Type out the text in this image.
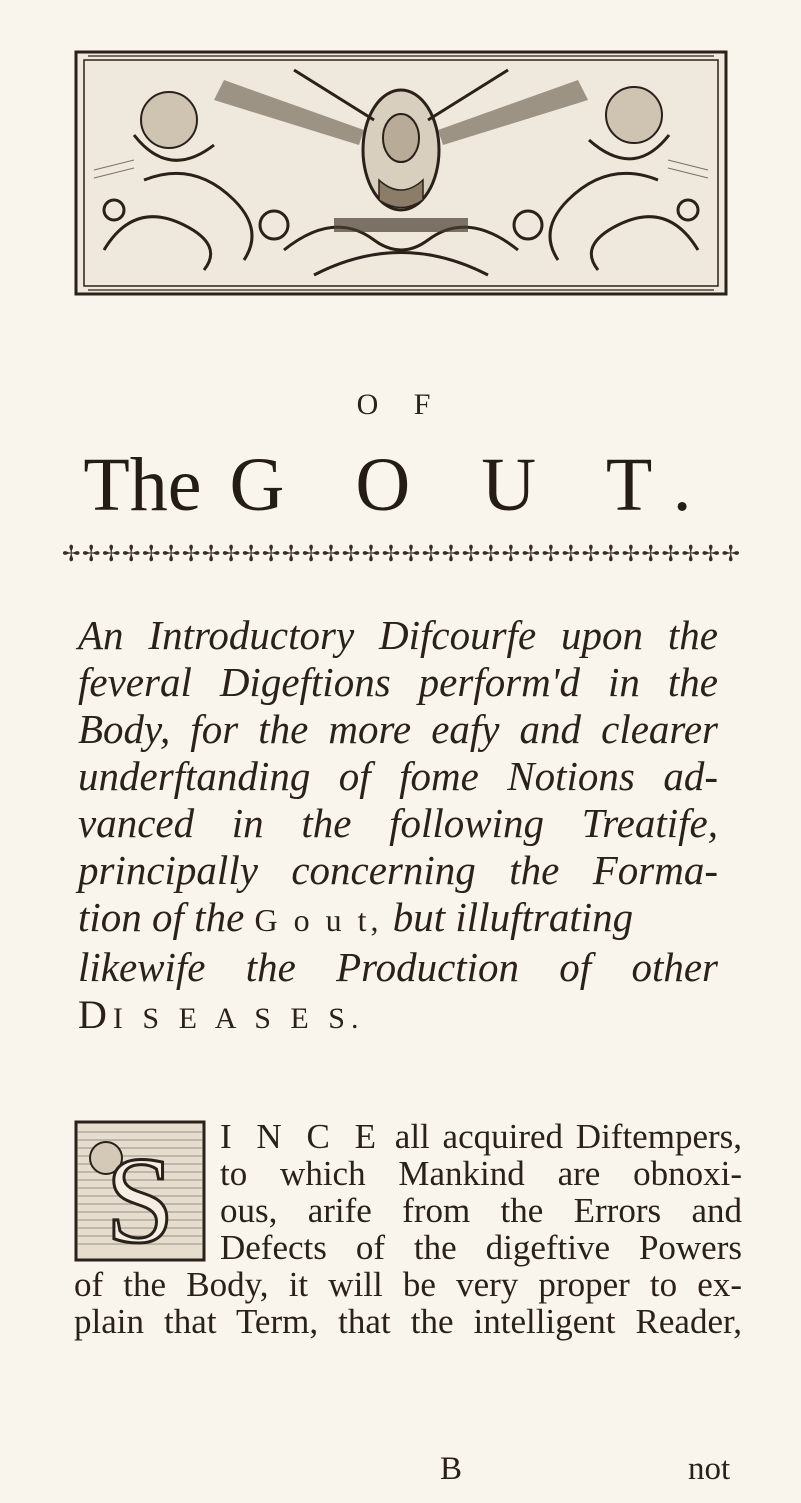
O F
The G O U T.
✢ ✢ ✢ ✢ ✢ ✢ ✢ ✢ ✢ ✢ ✢ ✢ ✢ ✢ ✢ ✢ ✢ ✢ ✢ ✢ ✢ ✢ ✢ ✢ ✢ ✢ ✢ ✢ ✢ ✢ ✢ ✢ ✢ ✢
An Introductory Difcourfe upon the
feveral Digeftions perform'd in the
Body, for the more eafy and clearer
underftanding of fome Notions ad-
vanced in the following Treatife,
principally concerning the Forma-
tion of the G o u t, but illuftrating
likewife the Production of other
DI S E A S E S.
S I N C E all acquired Diftempers,
to which Mankind are obnoxi-
ous, arife from the Errors and
Defects of the digeftive Powers
of the Body, it will be very proper to ex-
plain that Term, that the intelligent Reader,
B	not
